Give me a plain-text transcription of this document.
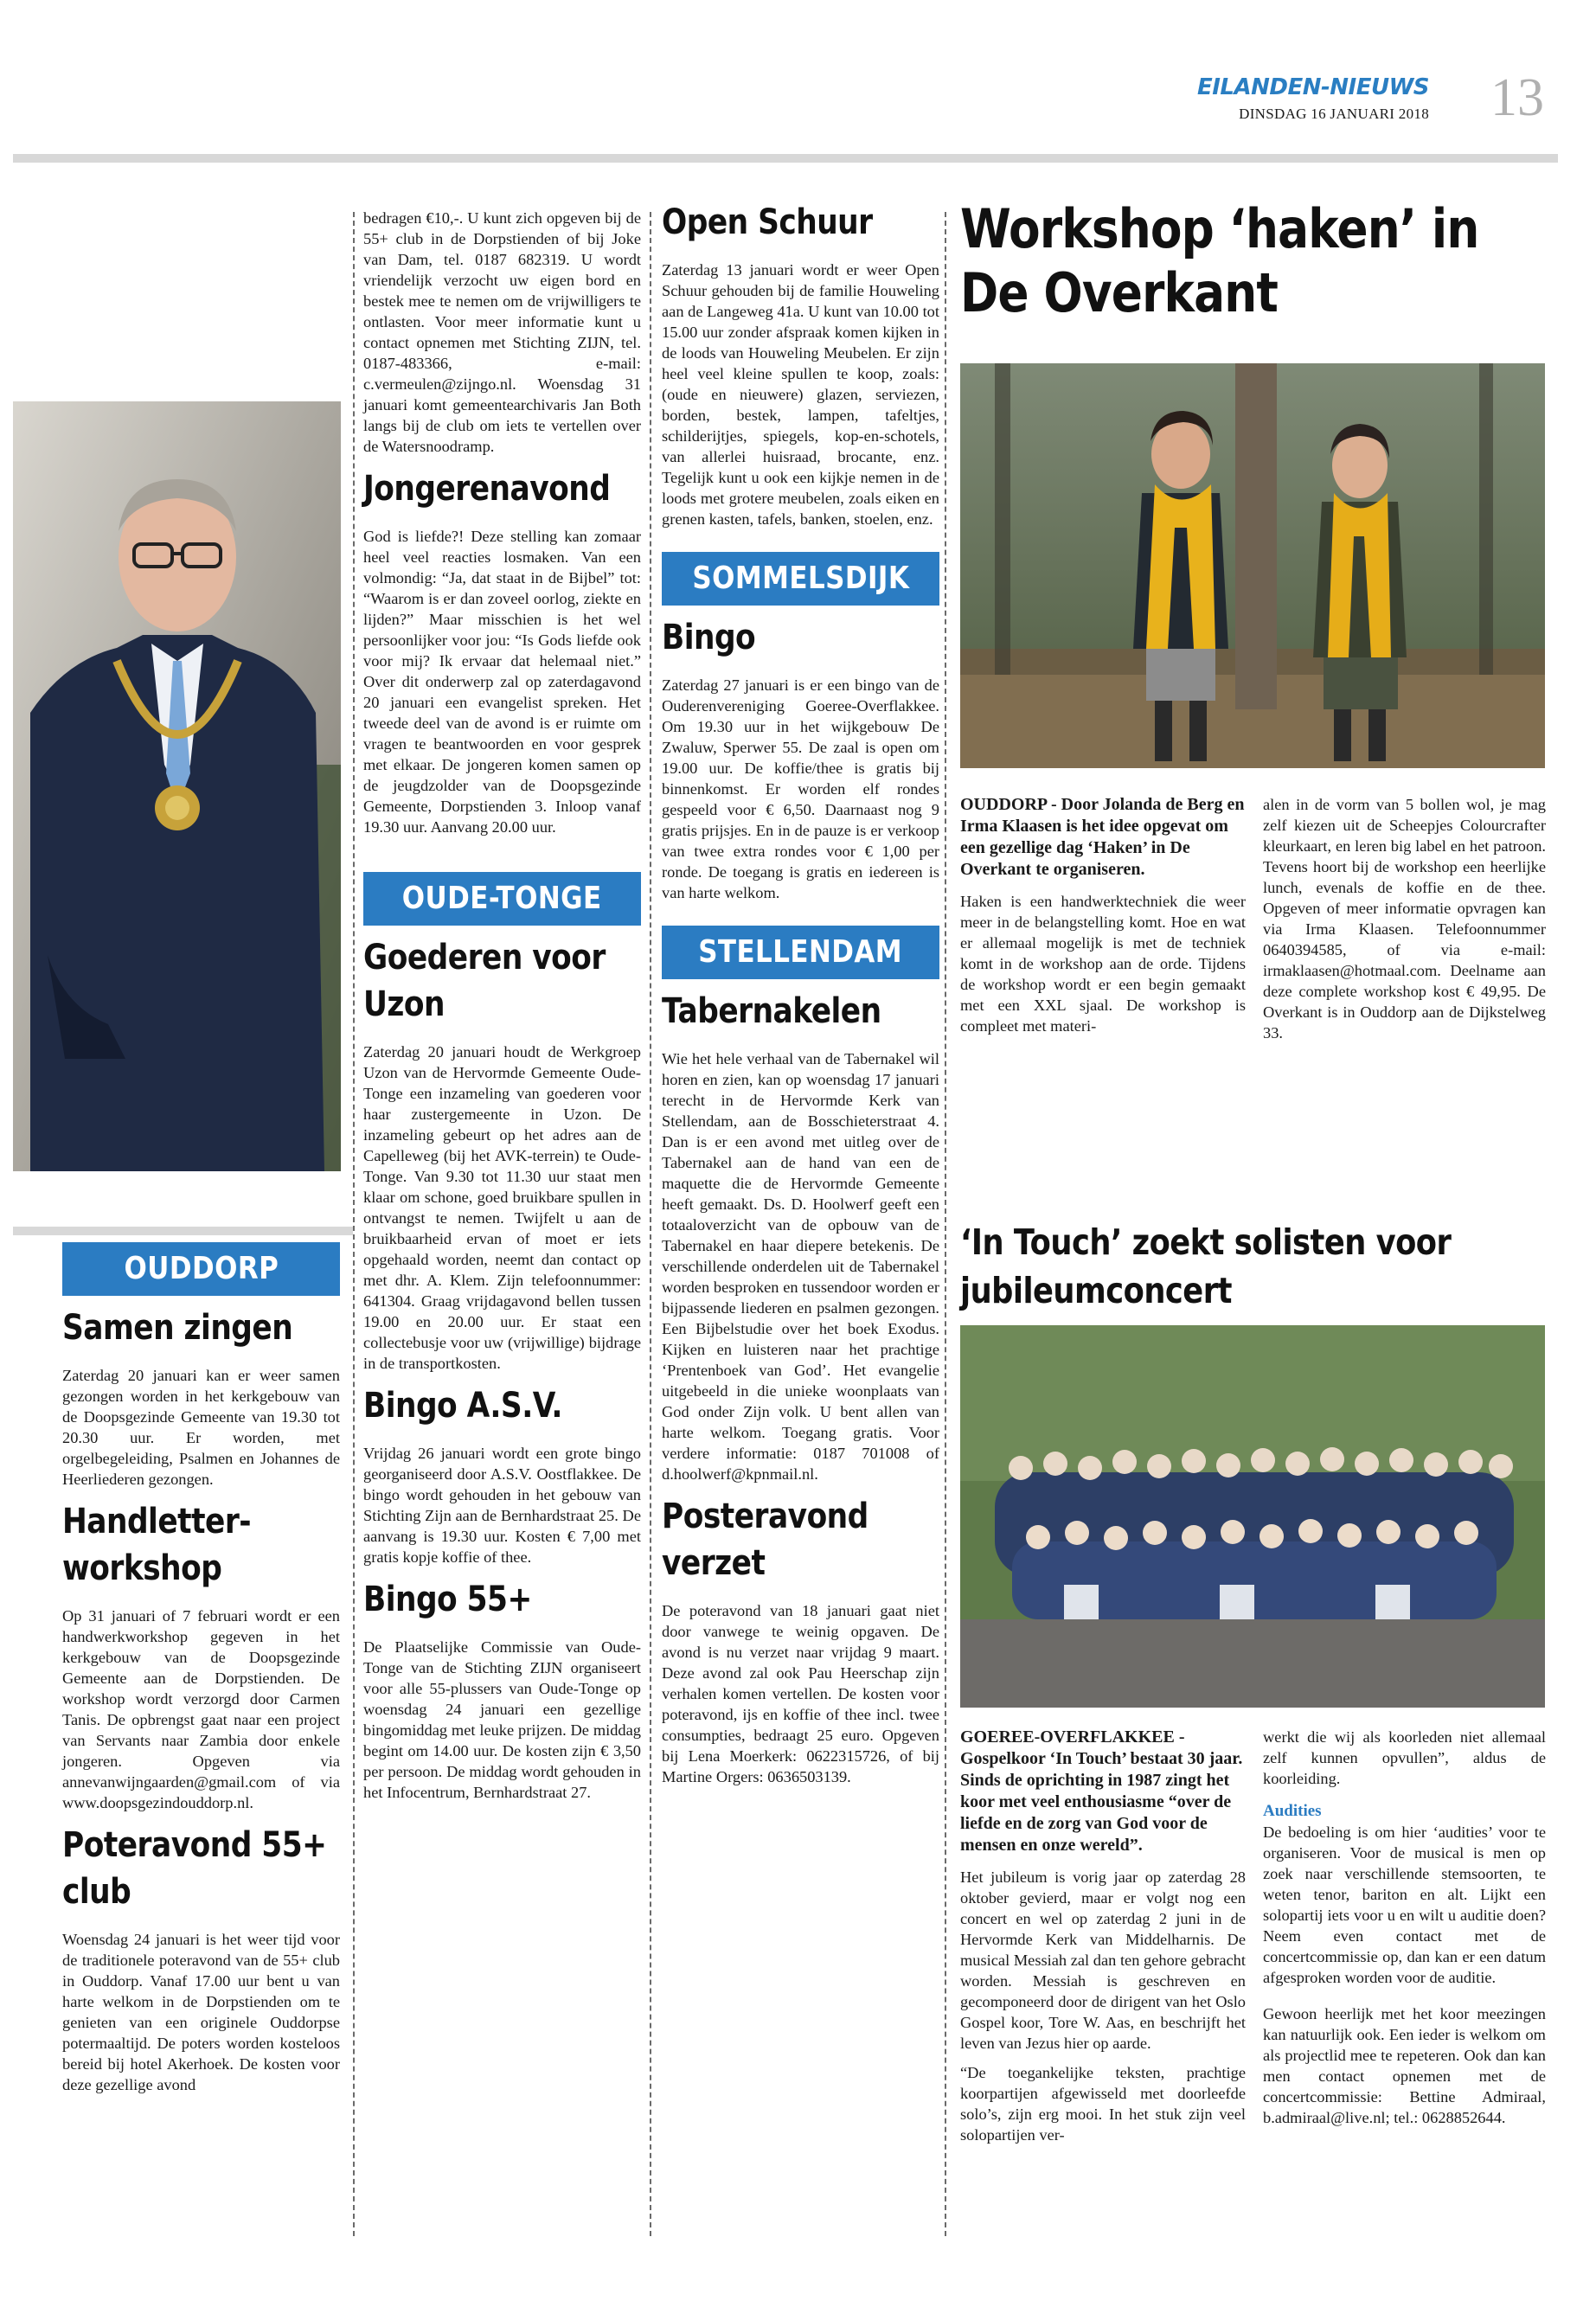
EILANDEN-NIEUWS
DINSDAG 16 JANUARI 2018 13
OUDDORP
Samen zingen

Zaterdag 20 januari kan er weer samen gezongen worden in het kerkgebouw van de Doopsgezinde Gemeente van 19.30 tot 20.30 uur. Er worden, met orgelbegeleiding, Psalmen en Johannes de Heerliederen gezongen.

Handletter-workshop

Op 31 januari of 7 februari wordt er een handwerkworkshop gegeven in het kerkgebouw van de Doopsgezinde Gemeente aan de Dorpstienden. De workshop wordt verzorgd door Carmen Tanis. De opbrengst gaat naar een project van Servants naar Zambia door enkele jongeren. Opgeven via annevanwijngaarden@gmail.com of via www.doopsgezindouddorp.nl.

Poteravond 55+ club

Woensdag 24 januari is het weer tijd voor de traditionele poteravond van de 55+ club in Ouddorp. Vanaf 17.00 uur bent u van harte welkom in de Dorpstienden om te genieten van een originele Ouddorpse potermaaltijd. De poters worden kosteloos bereid bij hotel Akerhoek. De kosten voor deze gezellige avond

bedragen €10,-. U kunt zich opgeven bij de 55+ club in de Dorpstienden of bij Joke van Dam, tel. 0187 682319. U wordt vriendelijk verzocht uw eigen bord en bestek mee te nemen om de vrijwilligers te ontlasten. Voor meer informatie kunt u contact opnemen met Stichting ZIJN, tel. 0187-483366, e-mail: c.vermeulen@zijngo.nl. Woensdag 31 januari komt gemeentearchivaris Jan Both langs bij de club om iets te vertellen over de Watersnoodramp.

Jongerenavond

God is liefde?! Deze stelling kan zomaar heel veel reacties losmaken. Van een volmondig: “Ja, dat staat in de Bijbel” tot: “Waarom is er dan zoveel oorlog, ziekte en lijden?” Maar misschien is het wel persoonlijker voor jou: “Is Gods liefde ook voor mij? Ik ervaar dat helemaal niet.” Over dit onderwerp zal op zaterdagavond 20 januari een evangelist spreken. Het tweede deel van de avond is er ruimte om vragen te beantwoorden en voor gesprek met elkaar. De jongeren komen samen op de jeugdzolder van de Doopsgezinde Gemeente, Dorpstienden 3. Inloop vanaf 19.30 uur. Aanvang 20.00 uur.

OUDE-TONGE
Goederen voor Uzon

Zaterdag 20 januari houdt de Werkgroep Uzon van de Hervormde Gemeente Oude-Tonge een inzameling van goederen voor haar zustergemeente in Uzon. De inzameling gebeurt op het adres aan de Capelleweg (bij het AVK-terrein) te Oude-Tonge. Van 9.30 tot 11.30 uur staat men klaar om schone, goed bruikbare spullen in ontvangst te nemen. Twijfelt u aan de bruikbaarheid ervan of moet er iets opgehaald worden, neemt dan contact op met dhr. A. Klem. Zijn telefoonnummer: 641304. Graag vrijdagavond bellen tussen 19.00 en 20.00 uur. Er staat een collectebusje voor uw (vrijwillige) bijdrage in de transportkosten.

Bingo A.S.V.

Vrijdag 26 januari wordt een grote bingo georganiseerd door A.S.V. Oostflakkee. De bingo wordt gehouden in het gebouw van Stichting Zijn aan de Bernhardstraat 25. De aanvang is 19.30 uur. Kosten € 7,00 met gratis kopje koffie of thee.

Bingo 55+

De Plaatselijke Commissie van Oude-Tonge van de Stichting ZIJN organiseert voor alle 55-plussers van Oude-Tonge op woensdag 24 januari een gezellige bingomiddag met leuke prijzen. De middag begint om 14.00 uur. De kosten zijn € 3,50 per persoon. De middag wordt gehouden in het Infocentrum, Bernhardstraat 27.

Open Schuur

Zaterdag 13 januari wordt er weer Open Schuur gehouden bij de familie Houweling aan de Langeweg 41a. U kunt van 10.00 tot 15.00 uur zonder afspraak komen kijken in de loods van Houweling Meubelen. Er zijn heel veel kleine spullen te koop, zoals: (oude en nieuwere) glazen, serviezen, borden, bestek, lampen, tafeltjes, schilderijtjes, spiegels, kop-en-schotels, van allerlei huisraad, brocante, enz. Tegelijk kunt u ook een kijkje nemen in de loods met grotere meubelen, zoals eiken en grenen kasten, tafels, banken, stoelen, enz.

SOMMELSDIJK
Bingo

Zaterdag 27 januari is er een bingo van de Ouderenvereniging Goeree-Overflakkee. Om 19.30 uur in het wijkgebouw De Zwaluw, Sperwer 55. De zaal is open om 19.00 uur. De koffie/thee is gratis bij binnenkomst. Er worden elf rondes gespeeld voor € 6,50. Daarnaast nog 9 gratis prijsjes. En in de pauze is er verkoop van twee extra rondes voor € 1,00 per ronde. De toegang is gratis en iedereen is van harte welkom.

STELLENDAM
Tabernakelen

Wie het hele verhaal van de Tabernakel wil horen en zien, kan op woensdag 17 januari terecht in de Hervormde Kerk van Stellendam, aan de Bosschieterstraat 4. Dan is er een avond met uitleg over de Tabernakel aan de hand van een de maquette die de Hervormde Gemeente heeft gemaakt. Ds. D. Hoolwerf geeft een totaaloverzicht van de opbouw van de Tabernakel en haar diepere betekenis. De verschillende onderdelen uit de Tabernakel worden besproken en tussendoor worden er bijpassende liederen en psalmen gezongen. Een Bijbelstudie over het boek Exodus. Kijken en luisteren naar het prachtige ‘Prentenboek van God’. Het evangelie uitgebeeld in die unieke woonplaats van God onder Zijn volk. U bent allen van harte welkom. Toegang gratis. Voor verdere informatie: 0187 701008 of d.hoolwerf@kpnmail.nl.

Posteravond verzet

De poteravond van 18 januari gaat niet door vanwege te weinig opgaven. De avond is nu verzet naar vrijdag 9 maart. Deze avond zal ook Pau Heerschap zijn verhalen komen vertellen. De kosten voor poteravond, ijs en koffie of thee incl. twee consumpties, bedraagt 25 euro. Opgeven bij Lena Moerkerk: 0622315726, of bij Martine Orgers: 0636503139.

Workshop ‘haken’ in De Overkant

OUDDORP - Door Jolanda de Berg en Irma Klaasen is het idee opgevat om een gezellige dag ‘Haken’ in De Overkant te organiseren.

Haken is een handwerktechniek die weer meer in de belangstelling komt. Hoe en wat er allemaal mogelijk is met de techniek komt in de workshop aan de orde. Tijdens de workshop wordt er een begin gemaakt met een XXL sjaal. De workshop is compleet met materi-

alen in de vorm van 5 bollen wol, je mag zelf kiezen uit de Scheepjes Colourcrafter kleurkaart, en leren big label en het patroon. Tevens hoort bij de workshop een heerlijke lunch, evenals de koffie en de thee. Opgeven of meer informatie opvragen kan via Irma Klaasen. Telefoonnummer 0640394585, of via e-mail: irmaklaasen@hotmaal.com. Deelname aan deze complete workshop kost € 49,95. De Overkant is in Ouddorp aan de Dijkstelweg 33.

‘In Touch’ zoekt solisten voor jubileumconcert

GOEREE-OVERFLAKKEE - Gospelkoor ‘In Touch’ bestaat 30 jaar. Sinds de oprichting in 1987 zingt het koor met veel enthousiasme “over de liefde en de zorg van God voor de mensen en onze wereld”.

Het jubileum is vorig jaar op zaterdag 28 oktober gevierd, maar er volgt nog een concert en wel op zaterdag 2 juni in de Hervormde Kerk van Middelharnis. De musical Messiah zal dan ten gehore gebracht worden. Messiah is geschreven en gecomponeerd door de dirigent van het Oslo Gospel koor, Tore W. Aas, en beschrijft het leven van Jezus hier op aarde.

“De toegankelijke teksten, prachtige koorpartijen afgewisseld met doorleefde solo’s, zijn erg mooi. In het stuk zijn veel solopartijen ver-

werkt die wij als koorleden niet allemaal zelf kunnen opvullen”, aldus de koorleiding.

Audities

De bedoeling is om hier ‘audities’ voor te organiseren. Voor de musical is men op zoek naar verschillende stemsoorten, te weten tenor, bariton en alt. Lijkt een solopartij iets voor u en wilt u auditie doen? Neem even contact met de concertcommissie op, dan kan er een datum afgesproken worden voor de auditie.

Gewoon heerlijk met het koor meezingen kan natuurlijk ook. Een ieder is welkom om als projectlid mee te repeteren. Ook dan kan men contact opnemen met de concertcommissie: Bettine Admiraal, b.admiraal@live.nl; tel.: 0628852644.
